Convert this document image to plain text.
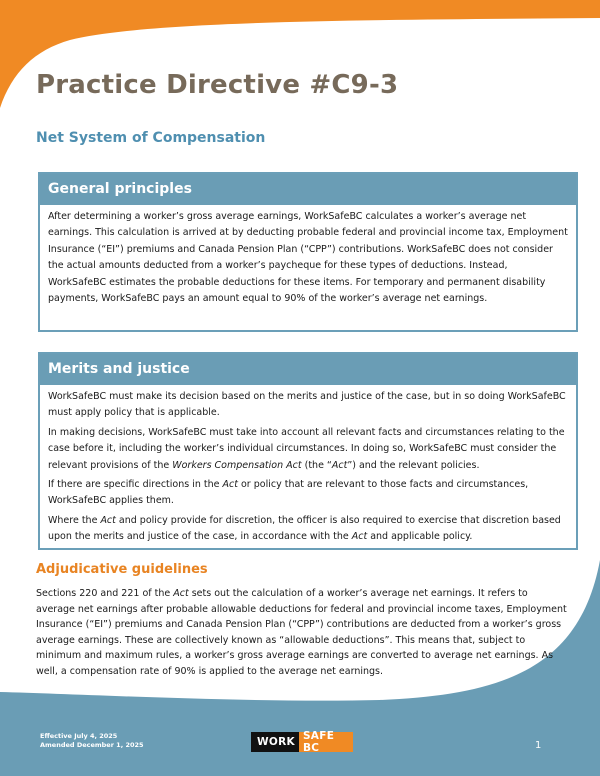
Practice Directive #C9-3
Net System of Compensation
General principles

After determining a worker’s gross average earnings, WorkSafeBC calculates a worker’s average net earnings. This calculation is arrived at by deducting probable federal and provincial income tax, Employment Insurance (“EI”) premiums and Canada Pension Plan (“CPP”) contributions. WorkSafeBC does not consider the actual amounts deducted from a worker’s paycheque for these types of deductions. Instead, WorkSafeBC estimates the probable deductions for these items. For temporary and permanent disability payments, WorkSafeBC pays an amount equal to 90% of the worker’s average net earnings.

Merits and justice

WorkSafeBC must make its decision based on the merits and justice of the case, but in so doing WorkSafeBC must apply policy that is applicable.

In making decisions, WorkSafeBC must take into account all relevant facts and circumstances relating to the case before it, including the worker’s individual circumstances. In doing so, WorkSafeBC must consider the relevant provisions of the Workers Compensation Act (the “Act”) and the relevant policies.

If there are specific directions in the Act or policy that are relevant to those facts and circumstances, WorkSafeBC applies them.

Where the Act and policy provide for discretion, the officer is also required to exercise that discretion based upon the merits and justice of the case, in accordance with the Act and applicable policy.

Adjudicative guidelines

Sections 220 and 221 of the Act sets out the calculation of a worker’s average net earnings. It refers to average net earnings after probable allowable deductions for federal and provincial income taxes, Employment Insurance (“EI”) premiums and Canada Pension Plan (“CPP”) contributions are deducted from a worker’s gross average earnings. These are collectively known as “allowable deductions”. This means that, subject to minimum and maximum rules, a worker’s gross average earnings are converted to average net earnings. As well, a compensation rate of 90% is applied to the average net earnings.

Effective July 4, 2025
Amended December 1, 2025	WORK SAFE BC	1
